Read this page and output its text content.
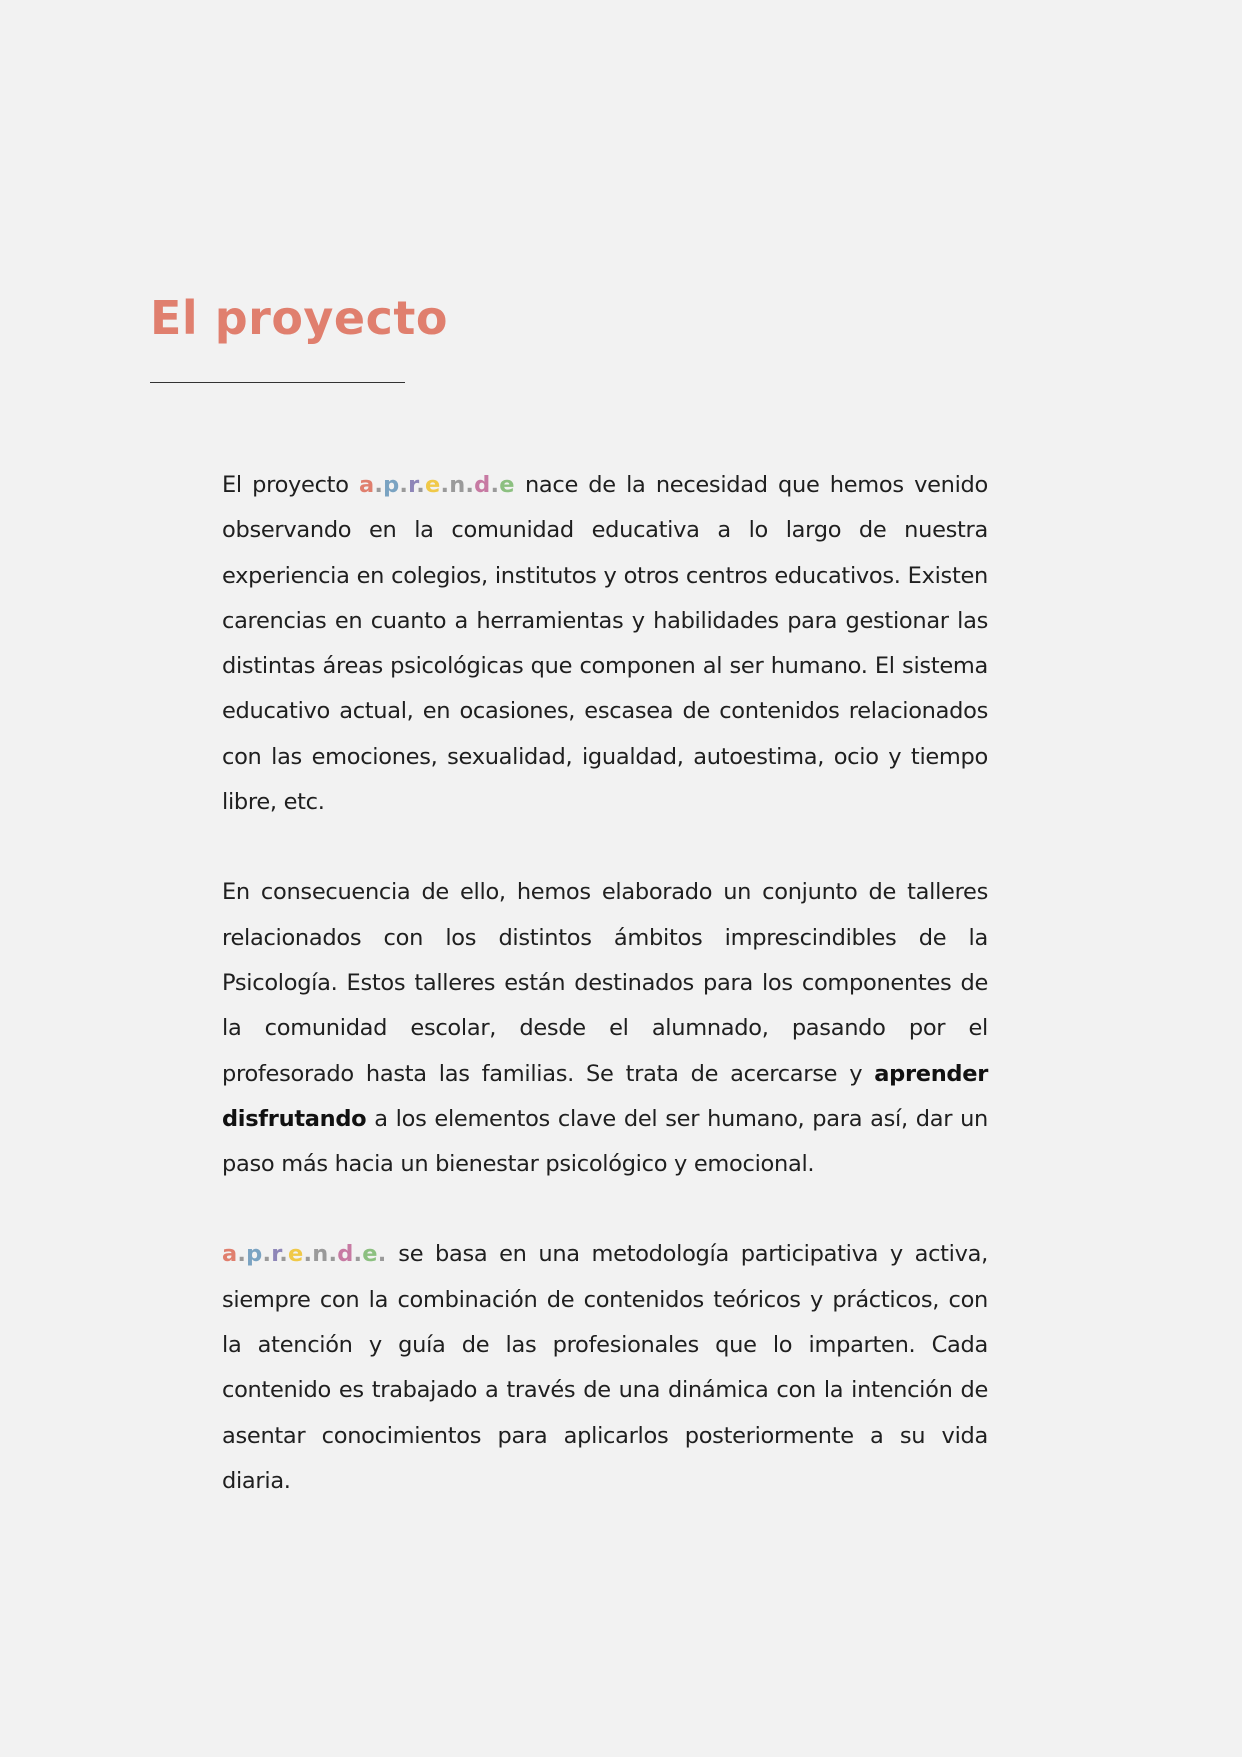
El proyecto

El proyecto a.p.r.e.n.d.e nace de la necesidad que hemos venido observando en la comunidad educativa a lo largo de nuestra experiencia en colegios, institutos y otros centros educativos. Existen carencias en cuanto a herramientas y habilidades para gestionar las distintas áreas psicológicas que componen al ser humano. El sistema educativo actual, en ocasiones, escasea de contenidos relacionados con las emociones, sexualidad, igualdad, autoestima, ocio y tiempo libre, etc.

En consecuencia de ello, hemos elaborado un conjunto de talleres relacionados con los distintos ámbitos imprescindibles de la Psicología. Estos talleres están destinados para los componentes de la comunidad escolar, desde el alumnado, pasando por el profesorado hasta las familias. Se trata de acercarse y aprender disfrutando a los elementos clave del ser humano, para así, dar un paso más hacia un bienestar psicológico y emocional.

a.p.r.e.n.d.e. se basa en una metodología participativa y activa, siempre con la combinación de contenidos teóricos y prácticos, con la atención y guía de las profesionales que lo imparten. Cada contenido es trabajado a través de una dinámica con la intención de asentar conocimientos para aplicarlos posteriormente a su vida diaria.
